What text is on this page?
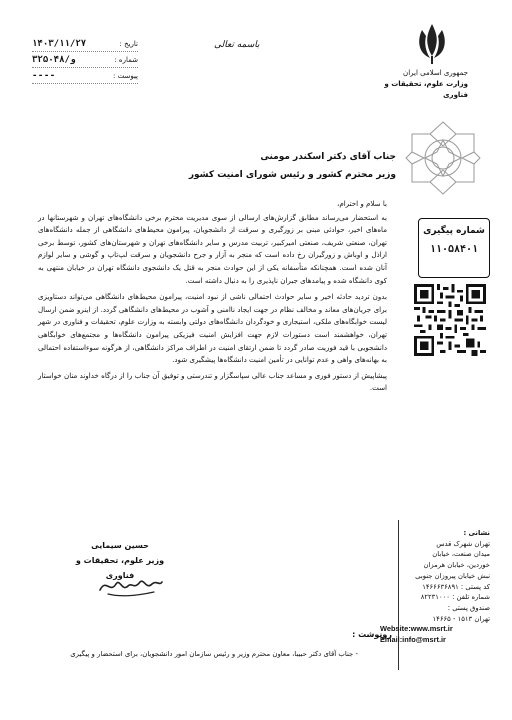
تاریخ :
۱۴۰۳/۱۱/۲۷
شماره :
۳۲۵۰۴۸/و
پیوست :
----
باسمه تعالی
جمهوری اسلامی ایران
وزارت علوم، تحقیقات و فناوری
جناب آقای دکتر اسکندر مومنی
وزیر محترم کشور و رئیس شورای امنیت کشور
شماره پیگیری
۱۱۰۵۸۴۰۱

با سلام و احترام،

به استحضار می‌رساند مطابق گزارش‌های ارسالی از سوی مدیریت محترم برخی دانشگاه‌های تهران و شهرستانها در ماه‌های اخیر، حوادثی مبنی بر زورگیری و سرقت از دانشجویان، پیرامون محیط‌های دانشگاهی از جمله دانشگاه‌های تهران، صنعتی شریف، صنعتی امیرکبیر، تربیت مدرس و سایر دانشگاه‌های تهران و شهرستان‌های کشور، توسط برخی اراذل و اوباش و زورگیران رخ داده است که منجر به آزار و جرح دانشجویان و سرقت لپ‌تاپ و گوشی و سایر لوازم آنان شده است. همچنانکه متأسفانه یکی از این حوادث منجر به قتل یک دانشجوی دانشگاه تهران در خیابان منتهی به کوی دانشگاه شده و پیامدهای جبران ناپذیری را به دنبال داشته است.

بدون تردید حادثه اخیر و سایر حوادث احتمالی ناشی از نبود امنیت، پیرامون محیط‌های دانشگاهی می‌تواند دستاویزی برای جریان‌های معاند و مخالف نظام در جهت ایجاد ناامنی و آشوب در محیط‌های دانشگاهی گردد. از اینرو ضمن ارسال لیست خوابگاه‌های ملکی، استیجاری و خودگردان دانشگاه‌های دولتی وابسته به وزارت علوم، تحقیقات و فناوری در شهر تهران، خواهشمند است دستورات لازم جهت افزایش امنیت فیزیکی پیرامون دانشگاه‌ها و مجتمع‌های خوابگاهی دانشجویی با قید فوریت صادر گردد تا ضمن ارتقای امنیت در اطراف مراکز دانشگاهی، از هرگونه سوءاستفاده احتمالی به بهانه‌های واهی و عدم توانایی در تأمین امنیت دانشگاه‌ها پیشگیری شود.

پیشاپیش از دستور فوری و مساعد جناب عالی سپاسگزار و تندرستی و توفیق آن جناب را از درگاه خداوند منان خواستار است.

حسین سیمایی
وزیر علوم، تحقیقات و فناوری
نشانی :
تهران شهرک قدس
میدان صنعت، خیابان
خوردین، خیابان هرمزان
نبش خیابان پیروزان جنوبی
کد پستی : ۱۴۶۶۶۳۶۸۹۱
شماره تلفن : ۸۲۲۳۱۰۰۰
صندوق پستی :
تهران ۱۵۱۳ - ۱۴۶۶۵
Website:www.msrt.ir
Email:info@msrt.ir
رونوشت :
- جناب آقای دکتر حبیبا، معاون محترم وزیر و رئیس سازمان امور دانشجویان، برای استحضار و پیگیری
